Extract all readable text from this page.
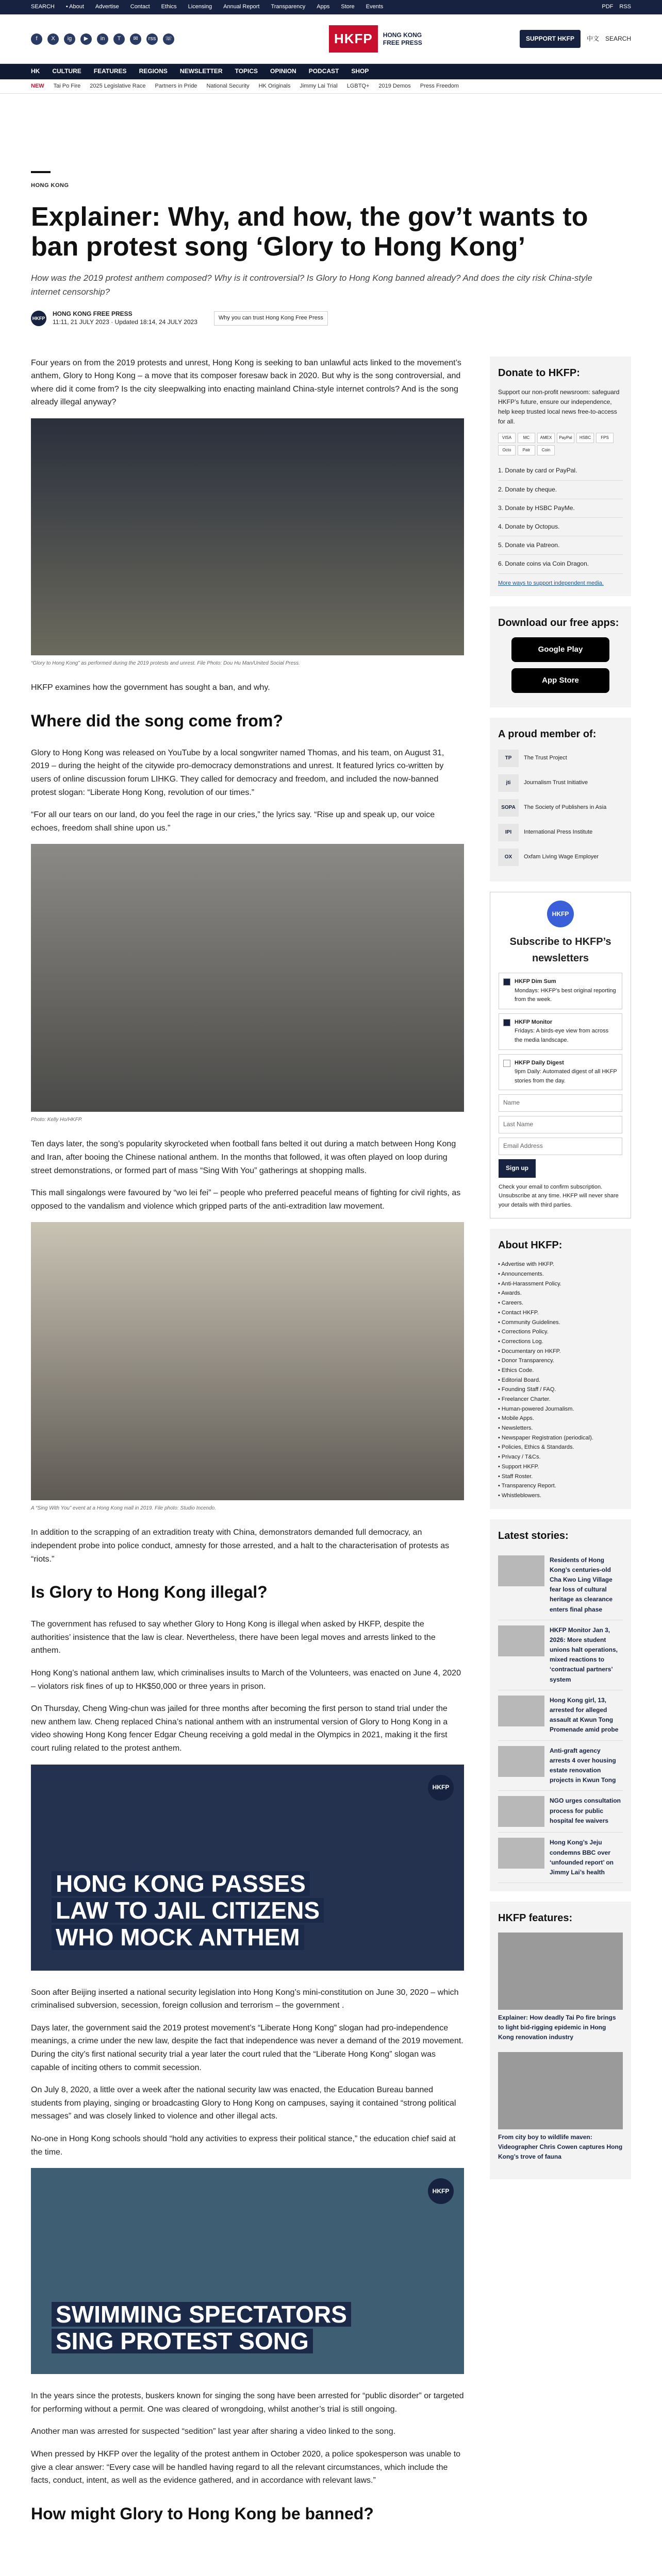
SEARCH • About Advertise Contact Ethics Licensing Annual Report Transparency Apps Store Events	PDF RSS
f	X	ig	▶	in	T	✉	rss	☏	HKFP	HONG KONG
FREE PRESS
SUPPORT HKFP	中文 SEARCH
HK CULTURE FEATURES REGIONS NEWSLETTER TOPICS OPINION PODCAST SHOP
NEW Tai Po Fire 2025 Legislative Race Partners in Pride National Security HK Originals Jimmy Lai Trial LGBTQ+ 2019 Demos Press Freedom
HONG KONG
Explainer: Why, and how, the gov’t wants to ban protest song ‘Glory to Hong Kong’
How was the 2019 protest anthem composed? Why is it controversial? Is Glory to Hong Kong banned already? And does the city risk China-style internet censorship?
HKFP
HONG KONG FREE PRESS
11:11, 21 JULY 2023 · Updated 18:14, 24 JULY 2023
Why you can trust Hong Kong Free Press

Four years on from the 2019 protests and unrest, Hong Kong is seeking to ban unlawful acts linked to the movement’s anthem, Glory to Hong Kong – a move that its composer foresaw back in 2020. But why is the song controversial, and where did it come from? Is the city sleepwalking into enacting mainland China-style internet controls? And is the song already illegal anyway?

“Glory to Hong Kong” as performed during the 2019 protests and unrest. File Photo: Dou Hu Man/United Social Press.

HKFP examines how the government has sought a ban, and why.

Where did the song come from?

Glory to Hong Kong was released on YouTube by a local songwriter named Thomas, and his team, on August 31, 2019 – during the height of the citywide pro-democracy demonstrations and unrest. It featured lyrics co-written by users of online discussion forum LIHKG. They called for democracy and freedom, and included the now-banned protest slogan: “Liberate Hong Kong, revolution of our times.”

“For all our tears on our land, do you feel the rage in our cries,” the lyrics say. “Rise up and speak up, our voice echoes, freedom shall shine upon us.”

Photo: Kelly Ho/HKFP.

Ten days later, the song’s popularity skyrocketed when football fans belted it out during a match between Hong Kong and Iran, after booing the Chinese national anthem. In the months that followed, it was often played on loop during street demonstrations, or formed part of mass “Sing With You” gatherings at shopping malls.

This mall singalongs were favoured by “wo lei fei” – people who preferred peaceful means of fighting for civil rights, as opposed to the vandalism and violence which gripped parts of the anti-extradition law movement.

A “Sing With You” event at a Hong Kong mall in 2019. File photo: Studio Incendo.

In addition to the scrapping of an extradition treaty with China, demonstrators demanded full democracy, an independent probe into police conduct, amnesty for those arrested, and a halt to the characterisation of protests as “riots.”

Is Glory to Hong Kong illegal?

The government has refused to say whether Glory to Hong Kong is illegal when asked by HKFP, despite the authorities’ insistence that the law is clear. Nevertheless, there have been legal moves and arrests linked to the anthem.

Hong Kong’s national anthem law, which criminalises insults to March of the Volunteers, was enacted on June 4, 2020 – violators risk fines of up to HK$50,000 or three years in prison.

On Thursday, Cheng Wing-chun was jailed for three months after becoming the first person to stand trial under the new anthem law. Cheng replaced China’s national anthem with an instrumental version of Glory to Hong Kong in a video showing Hong Kong fencer Edgar Cheung receiving a gold medal in the Olympics in 2021, making it the first court ruling related to the protest anthem.

HKFP
HONG KONG PASSES
LAW TO JAIL CITIZENS
WHO MOCK ANTHEM

Soon after Beijing inserted a national security legislation into Hong Kong’s mini-constitution on June 30, 2020 – which criminalised subversion, secession, foreign collusion and terrorism – the government .

Days later, the government said the 2019 protest movement’s “Liberate Hong Kong” slogan had pro-independence meanings, a crime under the new law, despite the fact that independence was never a demand of the 2019 movement. During the city’s first national security trial a year later the court ruled that the “Liberate Hong Kong” slogan was capable of inciting others to commit secession.

On July 8, 2020, a little over a week after the national security law was enacted, the Education Bureau banned students from playing, singing or broadcasting Glory to Hong Kong on campuses, saying it contained “strong political messages” and was closely linked to violence and other illegal acts.

No-one in Hong Kong schools should “hold any activities to express their political stance,” the education chief said at the time.

HKFP
SWIMMING SPECTATORS
SING PROTEST SONG

In the years since the protests, buskers known for singing the song have been arrested for “public disorder” or targeted for performing without a permit. One was cleared of wrongdoing, whilst another’s trial is still ongoing.

Another man was arrested for suspected “sedition” last year after sharing a video linked to the song.

When pressed by HKFP over the legality of the protest anthem in October 2020, a police spokesperson was unable to give a clear answer: “Every case will be handled having regard to all the relevant circumstances, which include the facts, conduct, intent, as well as the evidence gathered, and in accordance with relevant laws.”

How might Glory to Hong Kong be banned?
Donate to HKFP:

Support our non-profit newsroom: safeguard HKFP’s future, ensure our independence, help keep trusted local news free-to-access for all.

VISA	MC	AMEX	PayPal	HSBC	FPS
Octo	Patr	Coin
1. Donate by card or PayPal.
2. Donate by cheque.
3. Donate by HSBC PayMe.
4. Donate by Octopus.
5. Donate via Patreon.
6. Donate coins via Coin Dragon.
More ways to support independent media.
Download our free apps:
Google Play
App Store
A proud member of:
TP	The Trust Project
jti	Journalism Trust Initiative
SOPA	The Society of Publishers in Asia
IPI	International Press Institute
OX	Oxfam Living Wage Employer
HKFP
Subscribe to HKFP’s newsletters
HKFP Dim Sum
Mondays: HKFP’s best original reporting from the week.
HKFP Monitor
Fridays: A birds-eye view from across the media landscape.
HKFP Daily Digest
9pm Daily: Automated digest of all HKFP stories from the day.
Name
Last Name
Email Address
Sign up

Check your email to confirm subscription. Unsubscribe at any time. HKFP will never share your details with third parties.

About HKFP:
• Advertise with HKFP.
• Announcements.
• Anti-Harassment Policy.
• Awards.
• Careers.
• Contact HKFP.
• Community Guidelines.
• Corrections Policy.
• Corrections Log.
• Documentary on HKFP.
• Donor Transparency.
• Ethics Code.
• Editorial Board.
• Founding Staff / FAQ.
• Freelancer Charter.
• Human-powered Journalism.
• Mobile Apps.
• Newsletters.
• Newspaper Registration (periodical).
• Policies, Ethics & Standards.
• Privacy / T&Cs.
• Support HKFP.
• Staff Roster.
• Transparency Report.
• Whistleblowers.
Latest stories:
Residents of Hong Kong’s centuries-old Cha Kwo Ling Village fear loss of cultural heritage as clearance enters final phase
HKFP Monitor Jan 3, 2026: More student unions halt operations, mixed reactions to ‘contractual partners’ system
Hong Kong girl, 13, arrested for alleged assault at Kwun Tong Promenade amid probe
Anti-graft agency arrests 4 over housing estate renovation projects in Kwun Tong
NGO urges consultation process for public hospital fee waivers
Hong Kong’s Jeju condemns BBC over ‘unfounded report’ on Jimmy Lai’s health
HKFP features:
Explainer: How deadly Tai Po fire brings to light bid-rigging epidemic in Hong Kong renovation industry
From city boy to wildlife maven: Videographer Chris Cowen captures Hong Kong’s trove of fauna
